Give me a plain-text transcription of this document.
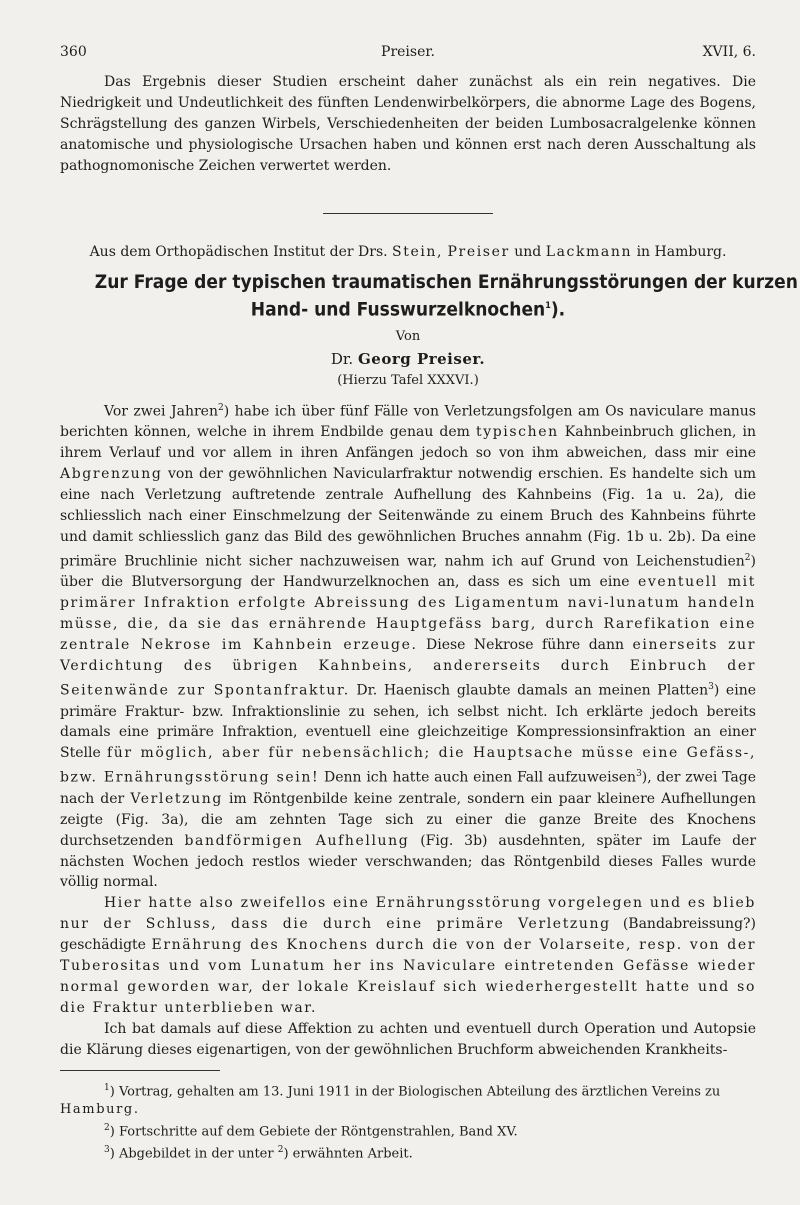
360	Preiser.	XVII, 6.

Das Ergebnis dieser Studien erscheint daher zunächst als ein rein negatives. Die Niedrigkeit und Undeutlichkeit des fünften Lendenwirbelkörpers, die abnorme Lage des Bogens, Schrägstellung des ganzen Wirbels, Verschiedenheiten der beiden Lumbosacralgelenke können anatomische und physiologische Ursachen haben und können erst nach deren Ausschaltung als pathognomonische Zeichen verwertet werden.

Aus dem Orthopädischen Institut der Drs. Stein, Preiser und Lackmann in Hamburg.
Zur Frage der typischen traumatischen Ernährungsstörungen der kurzen
Hand- und Fusswurzelknochen$^1$).
Von
Dr. Georg Preiser.
(Hierzu Tafel XXXVI.)

Vor zwei Jahren$^2$) habe ich über fünf Fälle von Verletzungsfolgen am Os naviculare manus berichten können, welche in ihrem Endbilde genau dem typischen Kahnbeinbruch glichen, in ihrem Verlauf und vor allem in ihren Anfängen jedoch so von ihm abweichen, dass mir eine Abgrenzung von der gewöhnlichen Navicularfraktur notwendig erschien. Es handelte sich um eine nach Verletzung auftretende zentrale Aufhellung des Kahnbeins (Fig. 1a u. 2a), die schliesslich nach einer Einschmelzung der Seitenwände zu einem Bruch des Kahnbeins führte und damit schliesslich ganz das Bild des gewöhnlichen Bruches annahm (Fig. 1b u. 2b). Da eine primäre Bruchlinie nicht sicher nachzuweisen war, nahm ich auf Grund von Leichenstudien$^2$) über die Blutversorgung der Handwurzelknochen an, dass es sich um eine eventuell mit primärer Infraktion erfolgte Abreissung des Ligamentum navi-lunatum handeln müsse, die, da sie das ernährende Hauptgefäss barg, durch Rarefikation eine zentrale Nekrose im Kahnbein erzeuge. Diese Nekrose führe dann einerseits zur Verdichtung des übrigen Kahnbeins, andererseits durch Einbruch der Seitenwände zur Spontanfraktur. Dr. Haenisch glaubte damals an meinen Platten$^3$) eine primäre Fraktur- bzw. Infraktionslinie zu sehen, ich selbst nicht. Ich erklärte jedoch bereits damals eine primäre Infraktion, eventuell eine gleichzeitige Kompressionsinfraktion an einer Stelle für möglich, aber für nebensächlich; die Hauptsache müsse eine Gefäss-, bzw. Ernährungsstörung sein! Denn ich hatte auch einen Fall aufzuweisen$^3$), der zwei Tage nach der Verletzung im Röntgenbilde keine zentrale, sondern ein paar kleinere Aufhellungen zeigte (Fig. 3a), die am zehnten Tage sich zu einer die ganze Breite des Knochens durchsetzenden bandförmigen Aufhellung (Fig. 3b) ausdehnten, später im Laufe der nächsten Wochen jedoch restlos wieder verschwanden; das Röntgenbild dieses Falles wurde völlig normal.

Hier hatte also zweifellos eine Ernährungsstörung vorgelegen und es blieb nur der Schluss, dass die durch eine primäre Verletzung (Bandabreissung?) geschädigte Ernährung des Knochens durch die von der Volarseite, resp. von der Tuberositas und vom Lunatum her ins Naviculare eintretenden Gefässe wieder normal geworden war, der lokale Kreislauf sich wiederhergestellt hatte und so die Fraktur unterblieben war.

Ich bat damals auf diese Affektion zu achten und eventuell durch Operation und Autopsie die Klärung dieses eigenartigen, von der gewöhnlichen Bruchform abweichenden Krankheits-

$^1$) Vortrag, gehalten am 13. Juni 1911 in der Biologischen Abteilung des ärztlichen Vereins zu Hamburg.
$^2$) Fortschritte auf dem Gebiete der Röntgenstrahlen, Band XV.
$^3$) Abgebildet in der unter $^2$) erwähnten Arbeit.
